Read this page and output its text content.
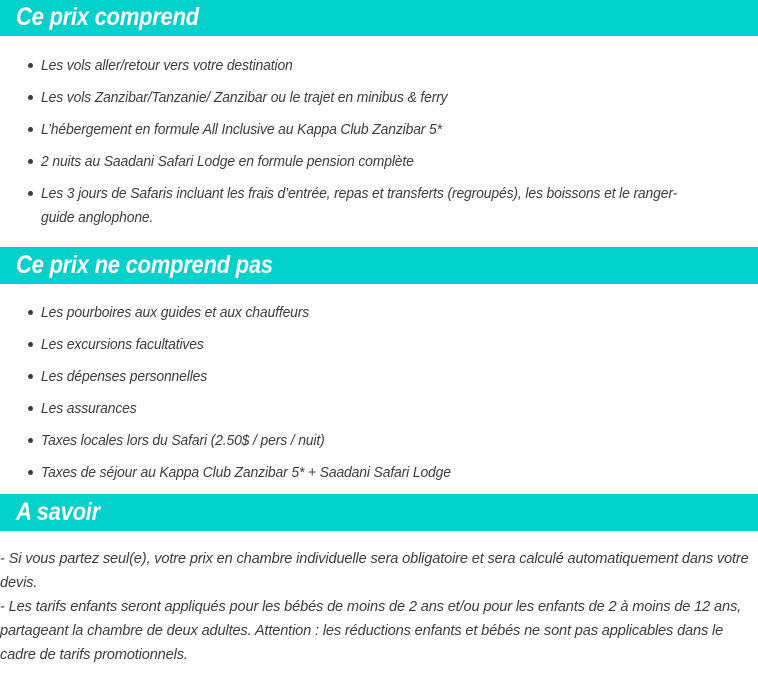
Ce prix comprend
Les vols aller/retour vers votre destination
Les vols Zanzibar/Tanzanie/ Zanzibar ou le trajet en minibus & ferry
L’hébergement en formule All Inclusive au Kappa Club Zanzibar 5*
2 nuits au Saadani Safari Lodge en formule pension complète
Les 3 jours de Safaris incluant les frais d’entrée, repas et transferts (regroupés), les boissons et le ranger-guide anglophone.
Ce prix ne comprend pas
Les pourboires aux guides et aux chauffeurs
Les excursions facultatives
Les dépenses personnelles
Les assurances
Taxes locales lors du Safari (2.50$ / pers / nuit)
Taxes de séjour au Kappa Club Zanzibar 5* + Saadani Safari Lodge
A savoir

- Si vous partez seul(e), votre prix en chambre individuelle sera obligatoire et sera calculé automatiquement dans votre devis.

- Les tarifs enfants seront appliqués pour les bébés de moins de 2 ans et/ou pour les enfants de 2 à moins de 12 ans, partageant la chambre de deux adultes. Attention : les réductions enfants et bébés ne sont pas applicables dans le cadre de tarifs promotionnels.
